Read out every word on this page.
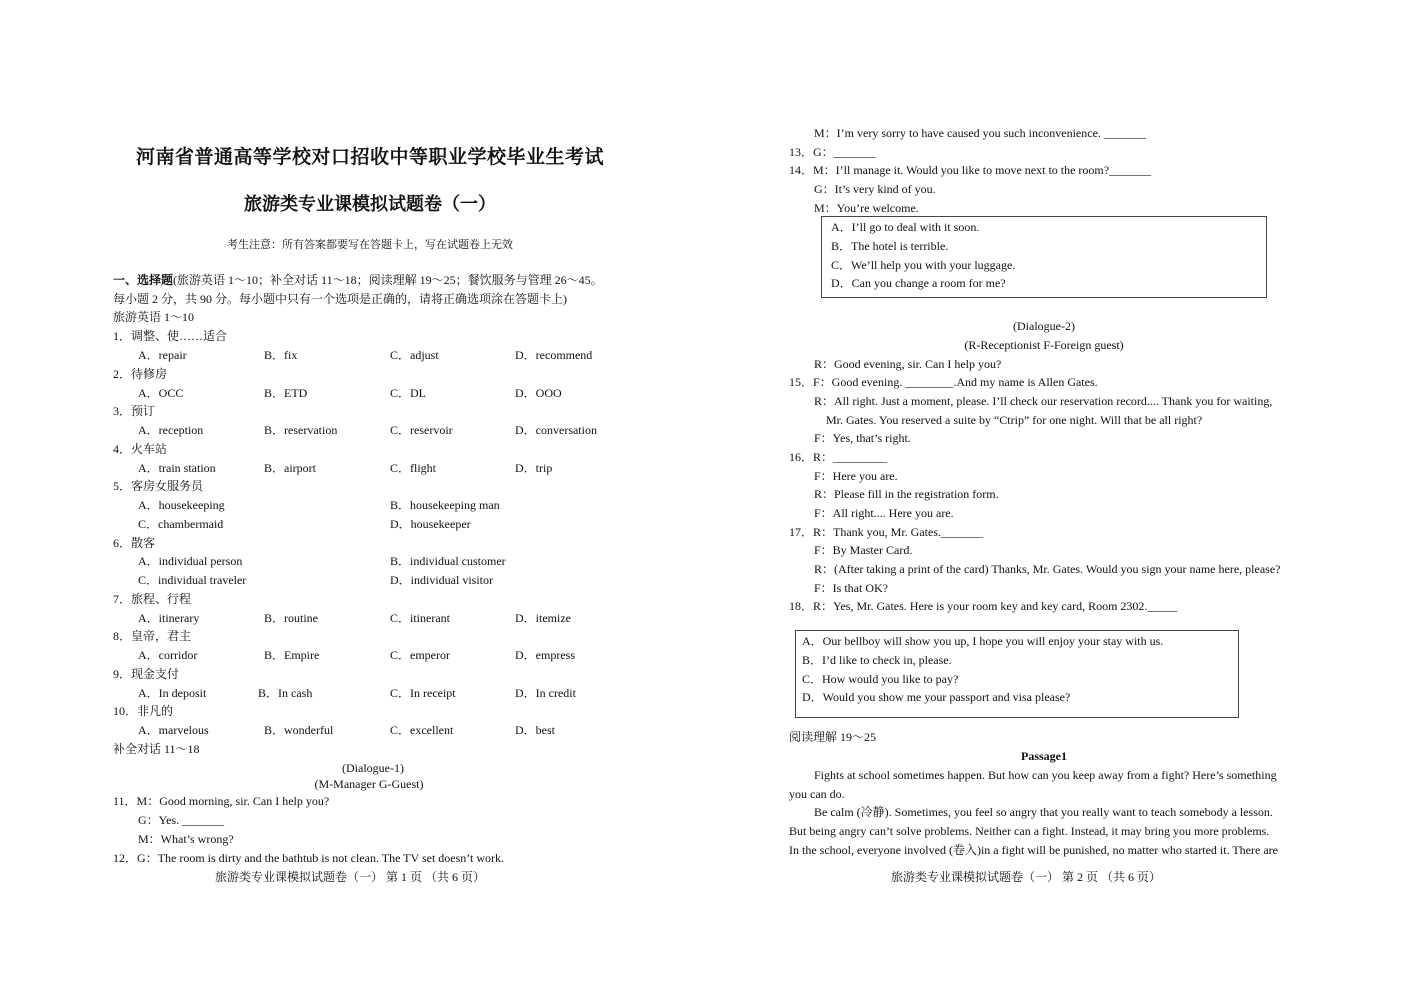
河南省普通高等学校对口招收中等职业学校毕业生考试
旅游类专业课模拟试题卷（一）
考生注意：所有答案都要写在答题卡上，写在试题卷上无效
一、选择题(旅游英语 1～10；补全对话 11～18；阅读理解 19～25；餐饮服务与管理 26～45。
每小题 2 分，共 90 分。每小题中只有一个选项是正确的，请将正确选项涂在答题卡上)
旅游英语 1～10
1．调整、使……适合
A．repair	B．fix	C．adjust	D．recommend
2．待修房
A．OCC	B．ETD	C．DL	D．OOO
3．预订
A．reception	B．reservation	C．reservoir	D．conversation
4．火车站
A．train station	B．airport	C．flight	D．trip
5．客房女服务员
A．housekeeping	B．housekeeping man
C．chambermaid	D．housekeeper
6．散客
A．individual person	B．individual customer
C．individual traveler	D．individual visitor
7．旅程、行程
A．itinerary	B．routine	C．itinerant	D．itemize
8．皇帝，君主
A．corridor	B．Empire	C．emperor	D．empress
9．现金支付
A．In deposit	B．In cash	C．In receipt	D．In credit
10．非凡的
A．marvelous	B．wonderful	C．excellent	D．best
补全对话 11～18
(Dialogue-1)
(M-Manager G-Guest)
11．M：Good morning, sir. Can I help you?
G：Yes. _______
M：What’s wrong?
12．G：The room is dirty and the bathtub is not clean. The TV set doesn’t work.
旅游类专业课模拟试题卷（一） 第 1 页 （共 6 页）
M：I’m very sorry to have caused you such inconvenience. _______
13．G：_______
14．M：I’ll manage it. Would you like to move next to the room?_______
G：It’s very kind of you.
M：You’re welcome.
A．I’ll go to deal with it soon.
B．The hotel is terrible.
C．We’ll help you with your luggage.
D．Can you change a room for me?
(Dialogue-2)
(R-Receptionist F-Foreign guest)
R：Good evening, sir. Can I help you?
15．F：Good evening. ________.And my name is Allen Gates.
R：All right. Just a moment, please. I’ll check our reservation record.... Thank you for waiting,
Mr. Gates. You reserved a suite by “Ctrip” for one night. Will that be all right?
F：Yes, that’s right.
16．R：_________
F：Here you are.
R：Please fill in the registration form.
F：All right.... Here you are.
17．R：Thank you, Mr. Gates._______
F：By Master Card.
R：(After taking a print of the card) Thanks, Mr. Gates. Would you sign your name here, please?
F：Is that OK?
18．R：Yes, Mr. Gates. Here is your room key and key card, Room 2302._____
A．Our bellboy will show you up, I hope you will enjoy your stay with us.
B．I’d like to check in, please.
C．How would you like to pay?
D．Would you show me your passport and visa please?
阅读理解 19～25
Passage1
Fights at school sometimes happen. But how can you keep away from a fight? Here’s something
you can do.
Be calm (冷静). Sometimes, you feel so angry that you really want to teach somebody a lesson.
But being angry can’t solve problems. Neither can a fight. Instead, it may bring you more problems.
In the school, everyone involved (卷入)in a fight will be punished, no matter who started it. There are
旅游类专业课模拟试题卷（一） 第 2 页 （共 6 页）
